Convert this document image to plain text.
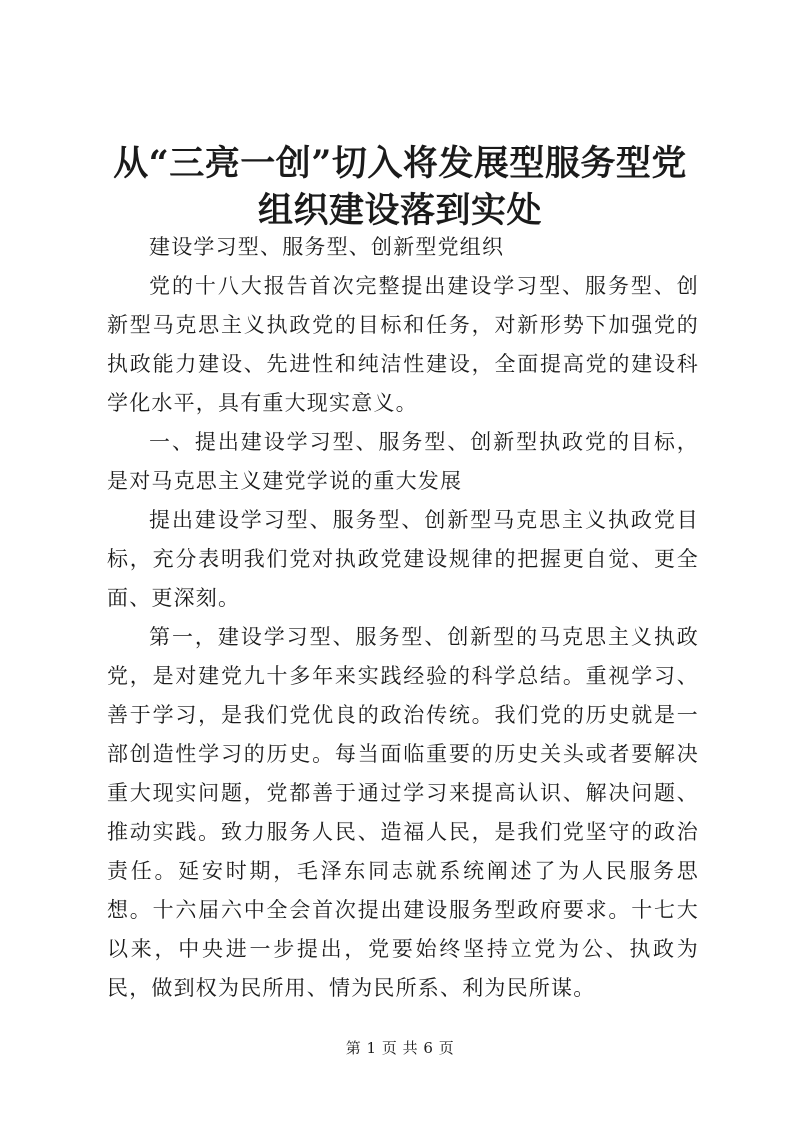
从“三亮一创”切入将发展型服务型党组织建设落到实处

建设学习型、服务型、创新型党组织

党的十八大报告首次完整提出建设学习型、服务型、创新型马克思主义执政党的目标和任务，对新形势下加强党的执政能力建设、先进性和纯洁性建设，全面提高党的建设科学化水平，具有重大现实意义。

一、提出建设学习型、服务型、创新型执政党的目标，是对马克思主义建党学说的重大发展

提出建设学习型、服务型、创新型马克思主义执政党目标，充分表明我们党对执政党建设规律的把握更自觉、更全面、更深刻。

第一，建设学习型、服务型、创新型的马克思主义执政党，是对建党九十多年来实践经验的科学总结。重视学习、善于学习，是我们党优良的政治传统。我们党的历史就是一部创造性学习的历史。每当面临重要的历史关头或者要解决重大现实问题，党都善于通过学习来提高认识、解决问题、推动实践。致力服务人民、造福人民，是我们党坚守的政治责任。延安时期，毛泽东同志就系统阐述了为人民服务思想。十六届六中全会首次提出建设服务型政府要求。十七大以来，中央进一步提出，党要始终坚持立党为公、执政为民，做到权为民所用、情为民所系、利为民所谋。

第 1 页 共 6 页
